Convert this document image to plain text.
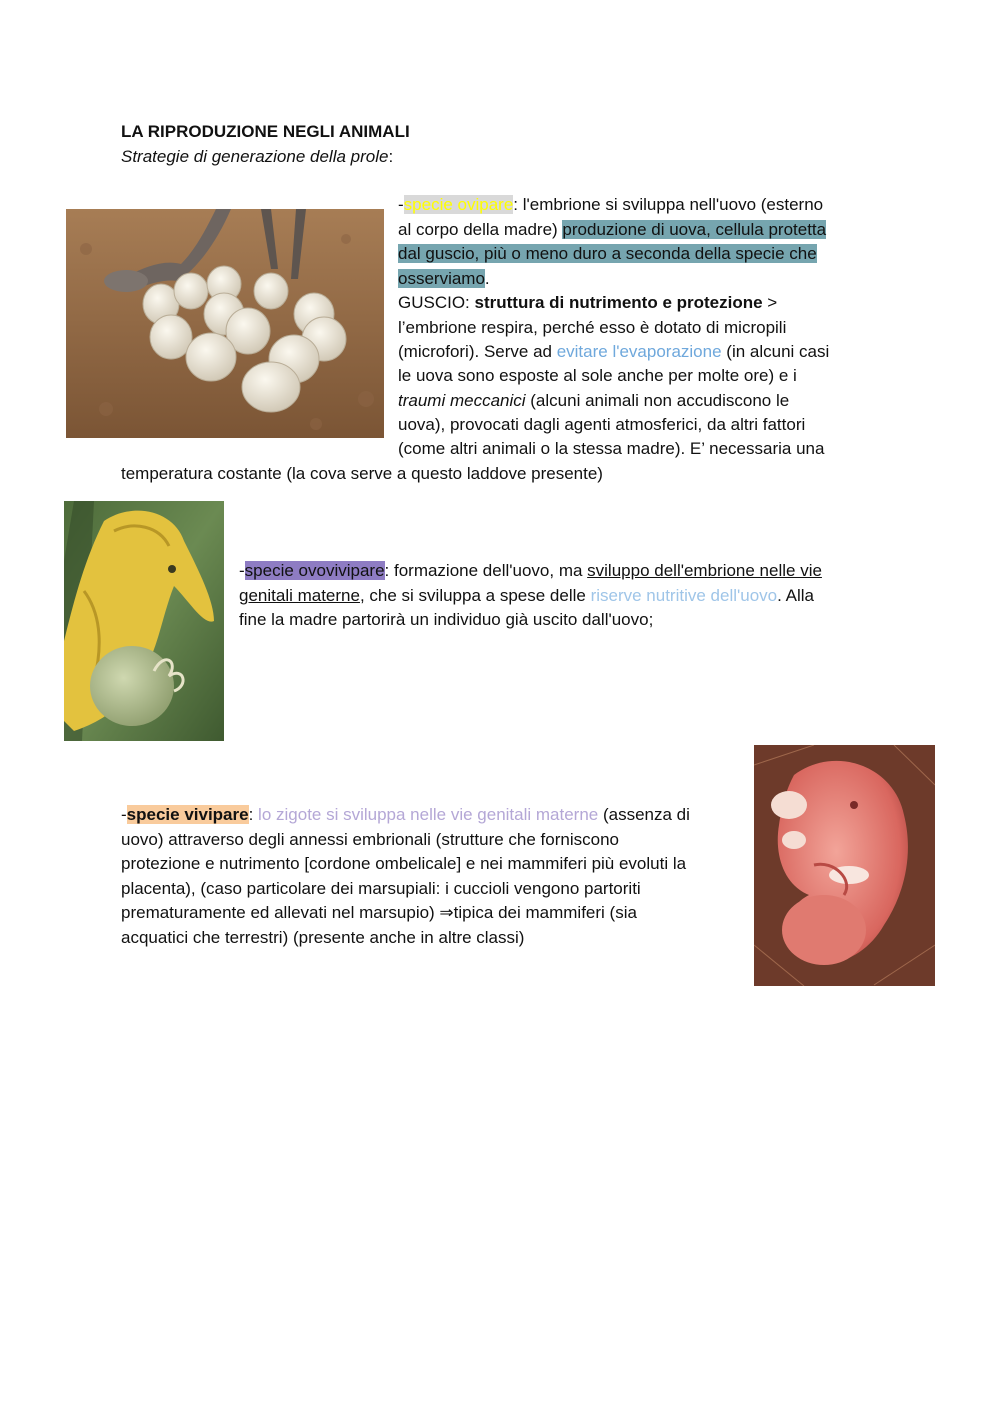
LA RIPRODUZIONE NEGLI ANIMALI
Strategie di generazione della prole:
-specie ovipare: l'embrione si sviluppa nell'uovo (esterno
al corpo della madre) produzione di uova, cellula protetta
dal guscio, più o meno duro a seconda della specie che
osserviamo.
GUSCIO: struttura di nutrimento e protezione >
l’embrione respira, perché esso è dotato di micropili
(microfori). Serve ad evitare l'evaporazione (in alcuni casi
le uova sono esposte al sole anche per molte ore) e i
traumi meccanici (alcuni animali non accudiscono le
uova), provocati dagli agenti atmosferici, da altri fattori
(come altri animali o la stessa madre). E’ necessaria una
temperatura costante (la cova serve a questo laddove presente)
-specie ovovivipare: formazione dell'uovo, ma sviluppo dell'embrione nelle vie
genitali materne, che si sviluppa a spese delle riserve nutritive dell'uovo. Alla
fine la madre partorirà un individuo già uscito dall'uovo;
-specie vivipare: lo zigote si sviluppa nelle vie genitali materne (assenza di
uovo) attraverso degli annessi embrionali (strutture che forniscono
protezione e nutrimento [cordone ombelicale] e nei mammiferi più evoluti la
placenta), (caso particolare dei marsupiali: i cuccioli vengono partoriti
prematuramente ed allevati nel marsupio) ⇒tipica dei mammiferi (sia
acquatici che terrestri) (presente anche in altre classi)
